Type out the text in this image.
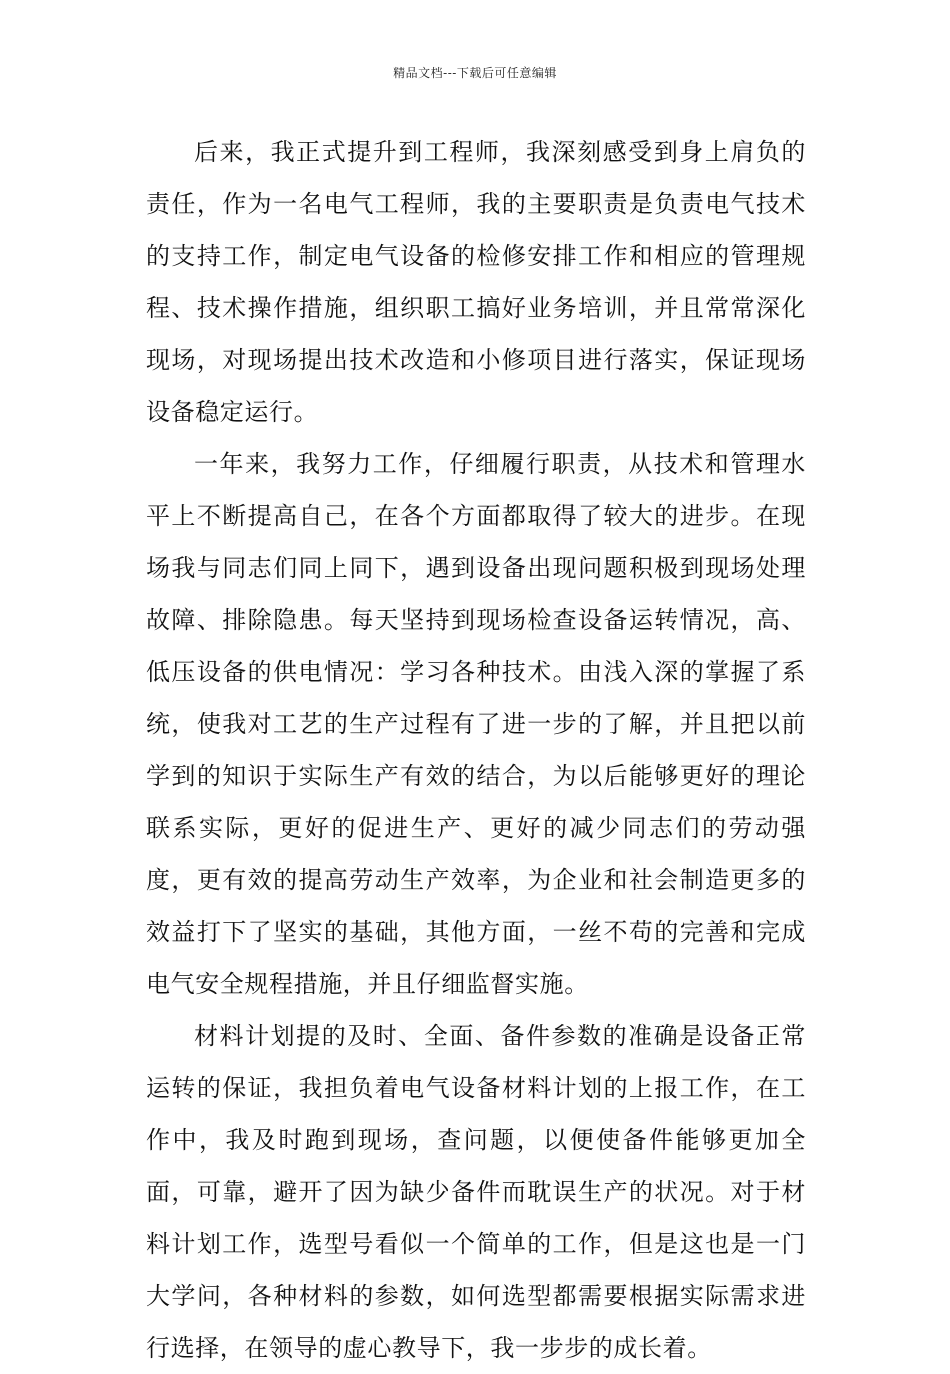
精品文档---下载后可任意编辑

后来，我正式提升到工程师，我深刻感受到身上肩负的责任，作为一名电气工程师，我的主要职责是负责电气技术的支持工作，制定电气设备的检修安排工作和相应的管理规程、技术操作措施，组织职工搞好业务培训，并且常常深化现场，对现场提出技术改造和小修项目进行落实，保证现场设备稳定运行。

一年来，我努力工作，仔细履行职责，从技术和管理水平上不断提高自己，在各个方面都取得了较大的进步。在现场我与同志们同上同下，遇到设备出现问题积极到现场处理故障、排除隐患。每天坚持到现场检查设备运转情况，高、低压设备的供电情况：学习各种技术。由浅入深的掌握了系统，使我对工艺的生产过程有了进一步的了解，并且把以前学到的知识于实际生产有效的结合，为以后能够更好的理论联系实际，更好的促进生产、更好的减少同志们的劳动强度，更有效的提高劳动生产效率，为企业和社会制造更多的效益打下了坚实的基础，其他方面，一丝不苟的完善和完成电气安全规程措施，并且仔细监督实施。

材料计划提的及时、全面、备件参数的准确是设备正常运转的保证，我担负着电气设备材料计划的上报工作，在工作中，我及时跑到现场，查问题，以便使备件能够更加全面，可靠，避开了因为缺少备件而耽误生产的状况。对于材料计划工作，选型号看似一个简单的工作，但是这也是一门大学问，各种材料的参数，如何选型都需要根据实际需求进行选择，在领导的虚心教导下，我一步步的成长着。
